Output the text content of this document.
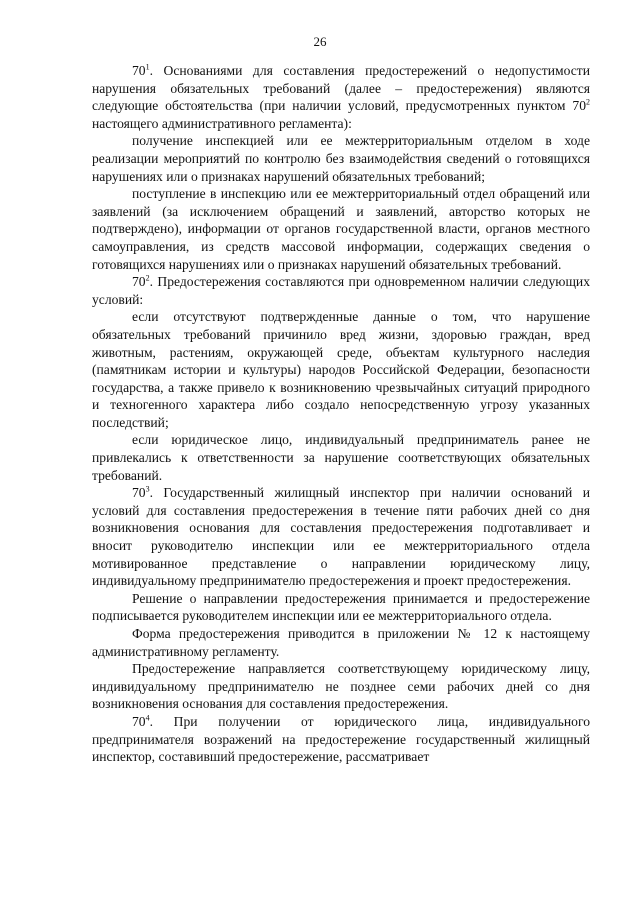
26

$70^1$. Основаниями для составления предостережений о недопустимости нарушения обязательных требований (далее – предостережения) являются следующие обстоятельства (при наличии условий, предусмотренных пунктом $70^2$ настоящего административного регламента):

получение инспекцией или ее межтерриториальным отделом в ходе реализации мероприятий по контролю без взаимодействия сведений о готовящихся нарушениях или о признаках нарушений обязательных требований;

поступление в инспекцию или ее межтерриториальный отдел обращений или заявлений (за исключением обращений и заявлений, авторство которых не подтверждено), информации от органов государственной власти, органов местного самоуправления, из средств массовой информации, содержащих сведения о готовящихся нарушениях или о признаках нарушений обязательных требований.

$70^2$. Предостережения составляются при одновременном наличии следующих условий:

если отсутствуют подтвержденные данные о том, что нарушение обязательных требований причинило вред жизни, здоровью граждан, вред животным, растениям, окружающей среде, объектам культурного наследия (памятникам истории и культуры) народов Российской Федерации, безопасности государства, а также привело к возникновению чрезвычайных ситуаций природного и техногенного характера либо создало непосредственную угрозу указанных последствий;

если юридическое лицо, индивидуальный предприниматель ранее не привлекались к ответственности за нарушение соответствующих обязательных требований.

$70^3$. Государственный жилищный инспектор при наличии оснований и условий для составления предостережения в течение пяти рабочих дней со дня возникновения основания для составления предостережения подготавливает и вносит руководителю инспекции или ее межтерриториального отдела мотивированное представление о направлении юридическому лицу, индивидуальному предпринимателю предостережения и проект предостережения.

Решение о направлении предостережения принимается и предостережение подписывается руководителем инспекции или ее межтерриториального отдела.

Форма предостережения приводится в приложении № 12 к настоящему административному регламенту.

Предостережение направляется соответствующему юридическому лицу, индивидуальному предпринимателю не позднее семи рабочих дней со дня возникновения основания для составления предостережения.

$70^4$. При получении от юридического лица, индивидуального предпринимателя возражений на предостережение государственный жилищный инспектор, составивший предостережение, рассматривает
